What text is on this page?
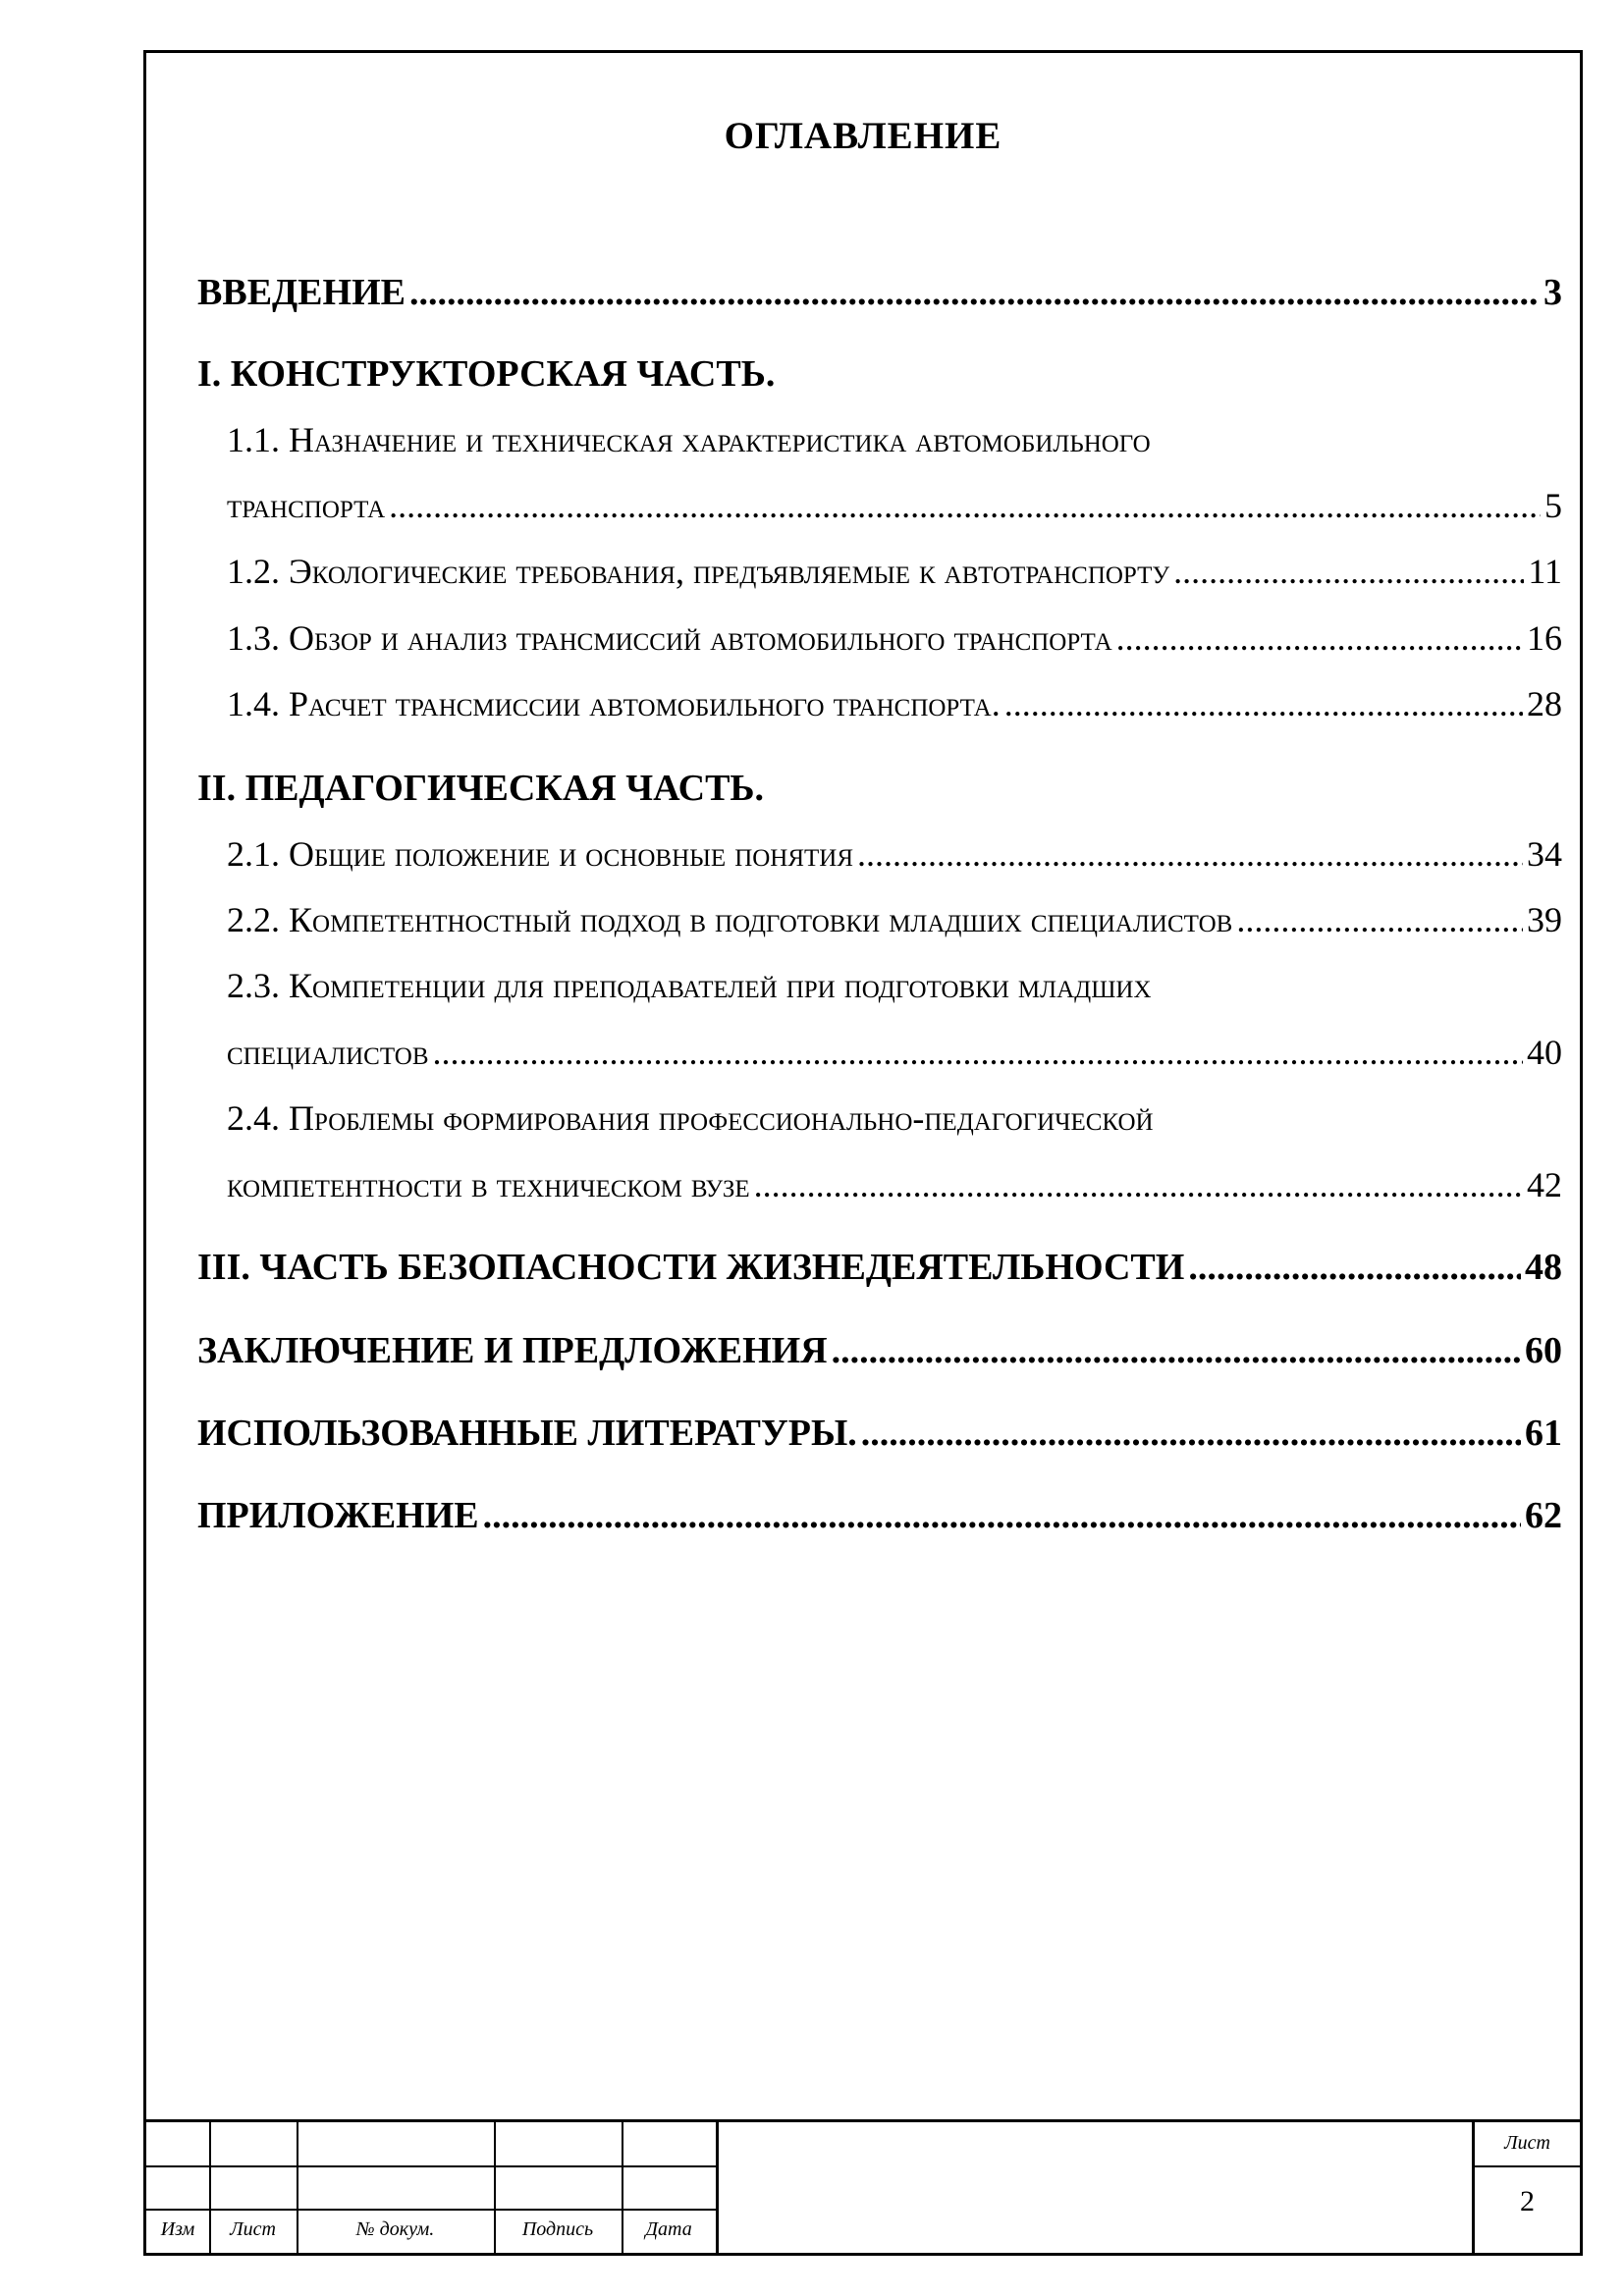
ОГЛАВЛЕНИЕ
ВВЕДЕНИЕ .....	3
I. КОНСТРУКТОРСКАЯ ЧАСТЬ.
1.1. Назначение и техническая характеристика автомобильного
транспорта .....	5
1.2. Экологические требования, предъявляемые к автотранспорту .....	11
1.3. Обзор и анализ трансмиссий автомобильного транспорта .....	16
1.4. Расчет трансмиссии автомобильного транспорта. .....	28
II. ПЕДАГОГИЧЕСКАЯ ЧАСТЬ.
2.1. Общие положение и основные понятия .....	34
2.2. Компетентностный подход в подготовки младших специалистов .....	39
2.3. Компетенции для преподавателей при подготовки младших
специалистов .....	40
2.4. Проблемы формирования профессионально-педагогической
компетентности в техническом вузе .....	42
III. ЧАСТЬ БЕЗОПАСНОСТИ ЖИЗНЕДЕЯТЕЛЬНОСТИ .....	48
ЗАКЛЮЧЕНИЕ И ПРЕДЛОЖЕНИЯ .....	60
ИСПОЛЬЗОВАННЫЕ ЛИТЕРАТУРЫ. .....	61
ПРИЛОЖЕНИЕ .....	62
Изм	Лист	№ докум.	Подпись	Дата
Лист
2
